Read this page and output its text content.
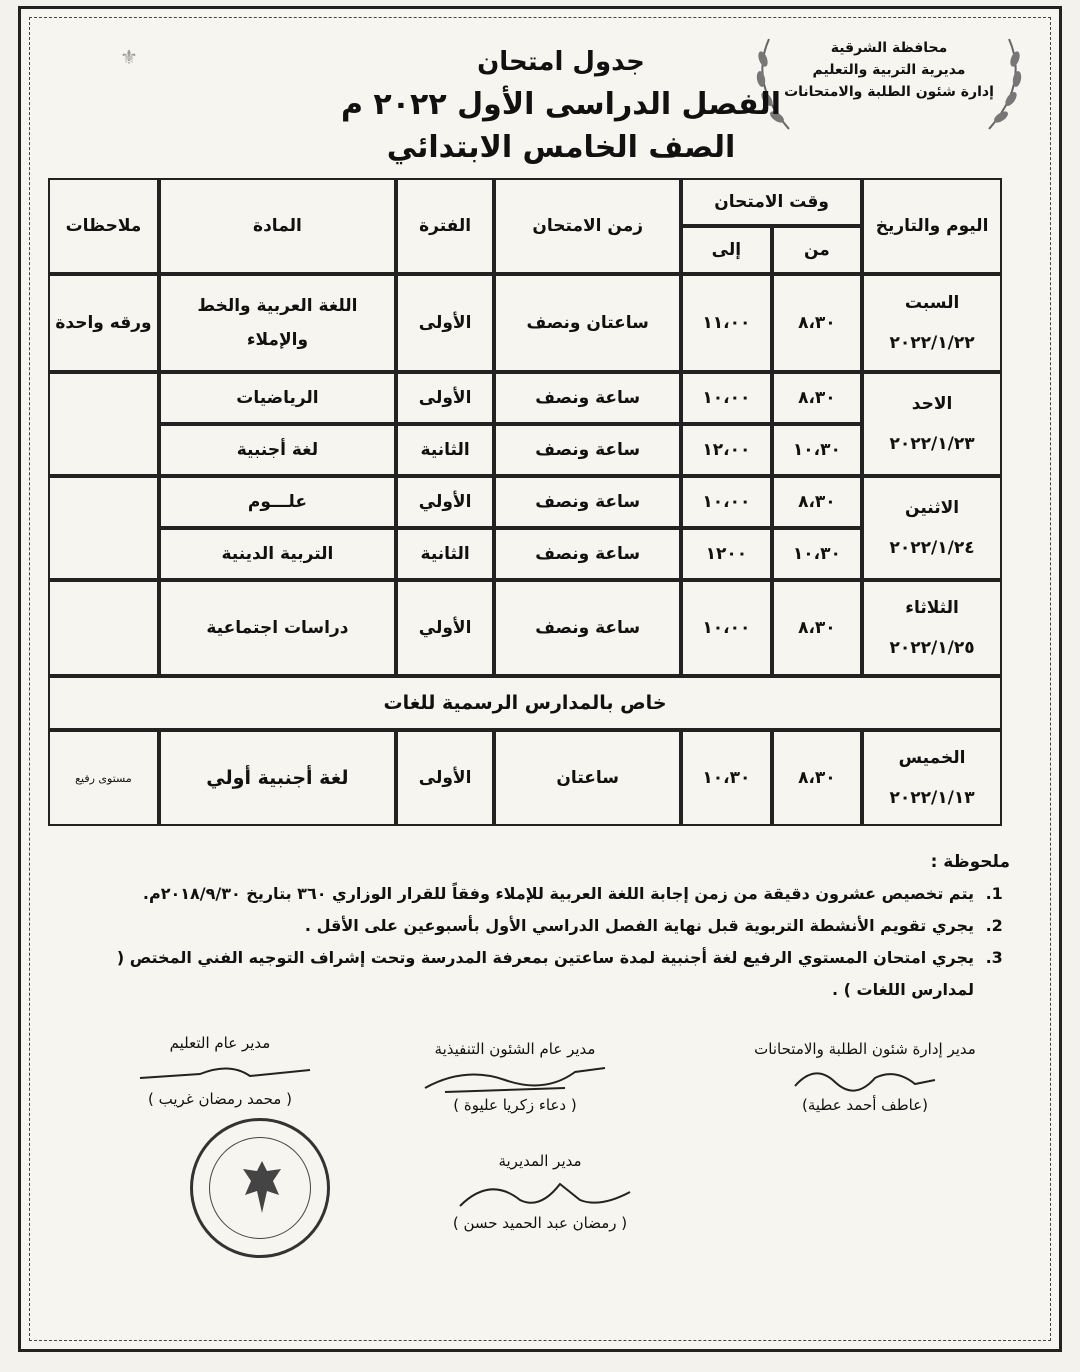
⚜	محافظة الشرقية
مديرية التربية والتعليم
إدارة شئون الطلبة والامتحانات
جدول امتحان
الفصل الدراسى الأول ٢٠٢٢ م
الصف الخامس الابتدائي
اليوم والتاريخ	وقت الامتحان		زمن الامتحان	الفترة	المادة	ملاحظات
	من	إلى				

السبت
٢٠٢٢/١/٢٢	٨،٣٠	١١،٠٠	ساعتان ونصف	الأولى	اللغة العربية والخط والإملاء	ورقه واحدة

الاحد
٢٠٢٢/١/٢٣	٨،٣٠	١٠،٠٠	ساعة ونصف	الأولى	الرياضيات	
	١٠،٣٠	١٢،٠٠	ساعة ونصف	الثانية	لغة أجنبية	

الاثنين
٢٠٢٢/١/٢٤	٨،٣٠	١٠،٠٠	ساعة ونصف	الأولي	علـــوم	
	١٠،٣٠	١٢٠٠	ساعة ونصف	الثانية	التربية الدينية	

الثلاثاء
٢٠٢٢/١/٢٥	٨،٣٠	١٠،٠٠	ساعة ونصف	الأولي	دراسات اجتماعية	
خاص بالمدارس الرسمية للغات						

الخميس
٢٠٢٢/١/١٣	٨،٣٠	١٠،٣٠	ساعتان	الأولى	لغة أجنبية أولي	مستوى رفيع
ملحوظة :
1. يتم تخصيص عشرون دقيقة من زمن إجابة اللغة العربية للإملاء وفقاً للقرار الوزاري ٣٦٠ بتاريخ ٢٠١٨/٩/٣٠م.
2. يجري تقويم الأنشطة التربوية قبل نهاية الفصل الدراسي الأول بأسبوعين على الأقل .
3. يجري امتحان المستوي الرفيع لغة أجنبية لمدة ساعتين بمعرفة المدرسة وتحت إشراف التوجيه الفني المختص ( لمدارس اللغات ) .
مدير إدارة شئون الطلبة والامتحانات
(عاطف أحمد عطية)
مدير عام الشئون التنفيذية
( دعاء زكريا عليوة )
مدير عام التعليم
( محمد رمضان غريب )
مدير المديرية
( رمضان عبد الحميد حسن )
